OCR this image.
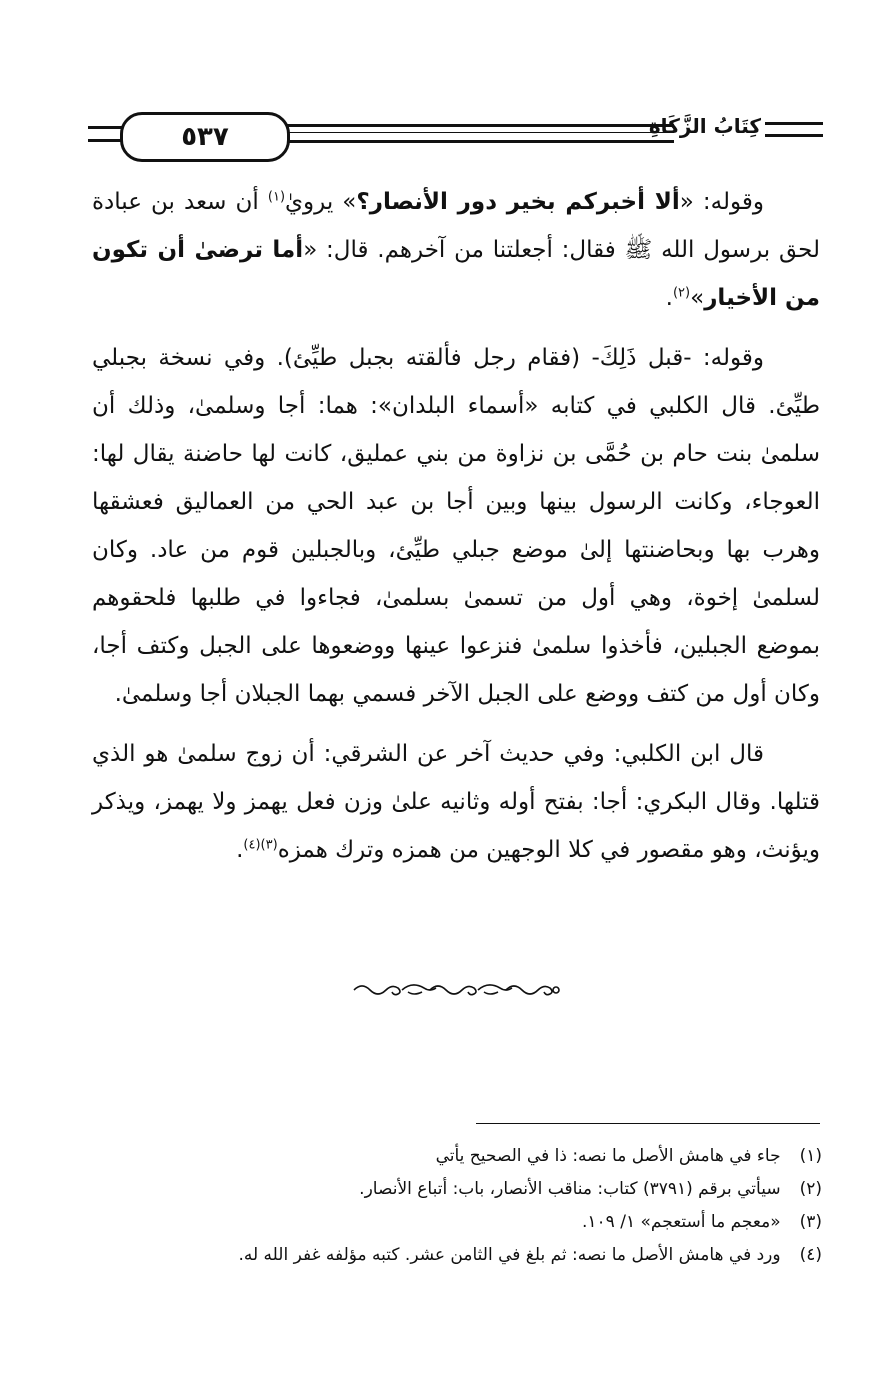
٥٣٧	كِتَابُ الزَّكَاةِ

وقوله: «ألا أخبركم بخير دور الأنصار؟» يرويٰ$^{(١)}$ أن سعد بن عبادة لحق برسول الله ﷺ فقال: أجعلتنا من آخرهم. قال: «أما ترضىٰ أن تكون من الأخيار»$^{(٢)}$.

وقوله: -قبل ذَلِكَ- (فقام رجل فألقته بجبل طيِّئ). وفي نسخة بجبلي طيِّئ. قال الكلبي في كتابه «أسماء البلدان»: هما: أجا وسلمىٰ، وذلك أن سلمىٰ بنت حام بن حُمَّى بن نزاوة من بني عمليق، كانت لها حاضنة يقال لها: العوجاء، وكانت الرسول بينها وبين أجا بن عبد الحي من العماليق فعشقها وهرب بها وبحاضنتها إلىٰ موضع جبلي طيِّئ، وبالجبلين قوم من عاد. وكان لسلمىٰ إخوة، وهي أول من تسمىٰ بسلمىٰ، فجاءوا في طلبها فلحقوهم بموضع الجبلين، فأخذوا سلمىٰ فنزعوا عينها ووضعوها على الجبل وكتف أجا، وكان أول من كتف ووضع على الجبل الآخر فسمي بهما الجبلان أجا وسلمىٰ.

قال ابن الكلبي: وفي حديث آخر عن الشرقي: أن زوج سلمىٰ هو الذي قتلها. وقال البكري: أجا: بفتح أوله وثانيه علىٰ وزن فعل يهمز ولا يهمز، ويذكر ويؤنث، وهو مقصور في كلا الوجهين من همزه وترك همزه$^{(٣)(٤)}$.

(١) جاء في هامش الأصل ما نصه: ذا في الصحيح يأتي
(٢) سيأتي برقم (٣٧٩١) كتاب: مناقب الأنصار، باب: أتباع الأنصار.
(٣) «معجم ما أستعجم» ١/ ١٠٩.
(٤) ورد في هامش الأصل ما نصه: ثم بلغ في الثامن عشر. كتبه مؤلفه غفر الله له.
